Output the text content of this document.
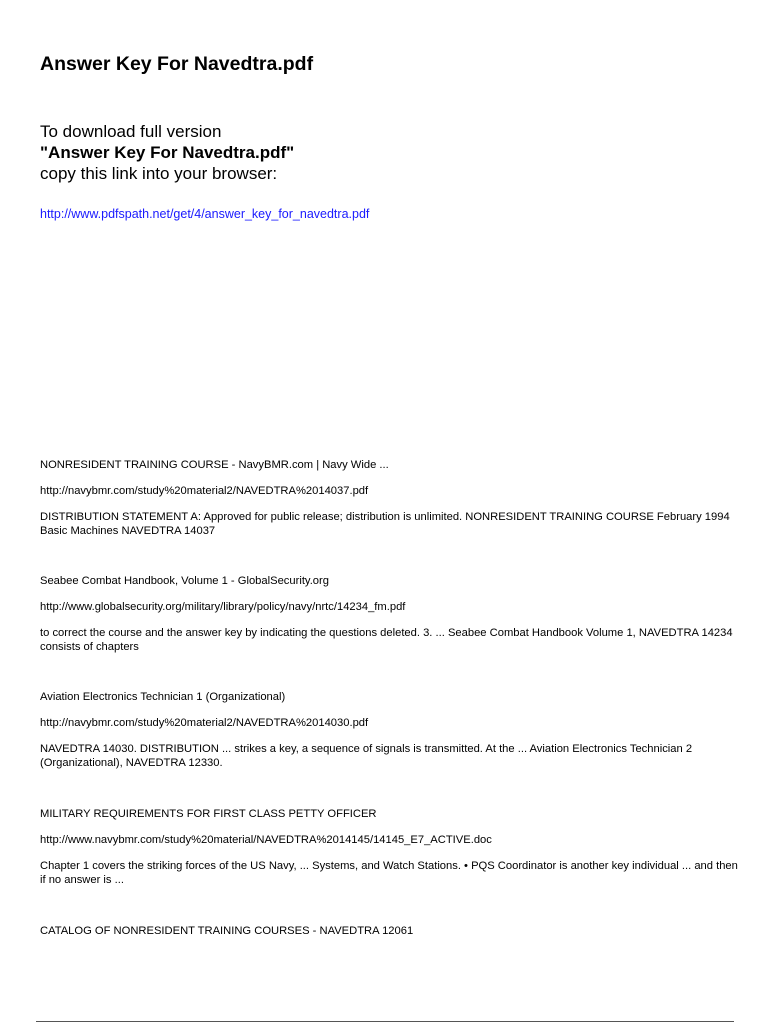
Answer Key For Navedtra.pdf
To download full version
"Answer Key For Navedtra.pdf"
copy this link into your browser:
http://www.pdfspath.net/get/4/answer_key_for_navedtra.pdf
NONRESIDENT TRAINING COURSE - NavyBMR.com | Navy Wide ...
http://navybmr.com/study%20material2/NAVEDTRA%2014037.pdf
DISTRIBUTION STATEMENT A: Approved for public release; distribution is unlimited. NONRESIDENT TRAINING COURSE February 1994 Basic Machines NAVEDTRA 14037
Seabee Combat Handbook, Volume 1 - GlobalSecurity.org
http://www.globalsecurity.org/military/library/policy/navy/nrtc/14234_fm.pdf
to correct the course and the answer key by indicating the questions deleted. 3. ... Seabee Combat Handbook Volume 1, NAVEDTRA 14234 consists of chapters
Aviation Electronics Technician 1 (Organizational)
http://navybmr.com/study%20material2/NAVEDTRA%2014030.pdf
NAVEDTRA 14030. DISTRIBUTION ... strikes a key, a sequence of signals is transmitted. At the ... Aviation Electronics Technician 2 (Organizational), NAVEDTRA 12330.
MILITARY REQUIREMENTS FOR FIRST CLASS PETTY OFFICER
http://www.navybmr.com/study%20material/NAVEDTRA%2014145/14145_E7_ACTIVE.doc
Chapter 1 covers the striking forces of the US Navy, ... Systems, and Watch Stations. • PQS Coordinator is another key individual ... and then if no answer is ...
CATALOG OF NONRESIDENT TRAINING COURSES - NAVEDTRA 12061
